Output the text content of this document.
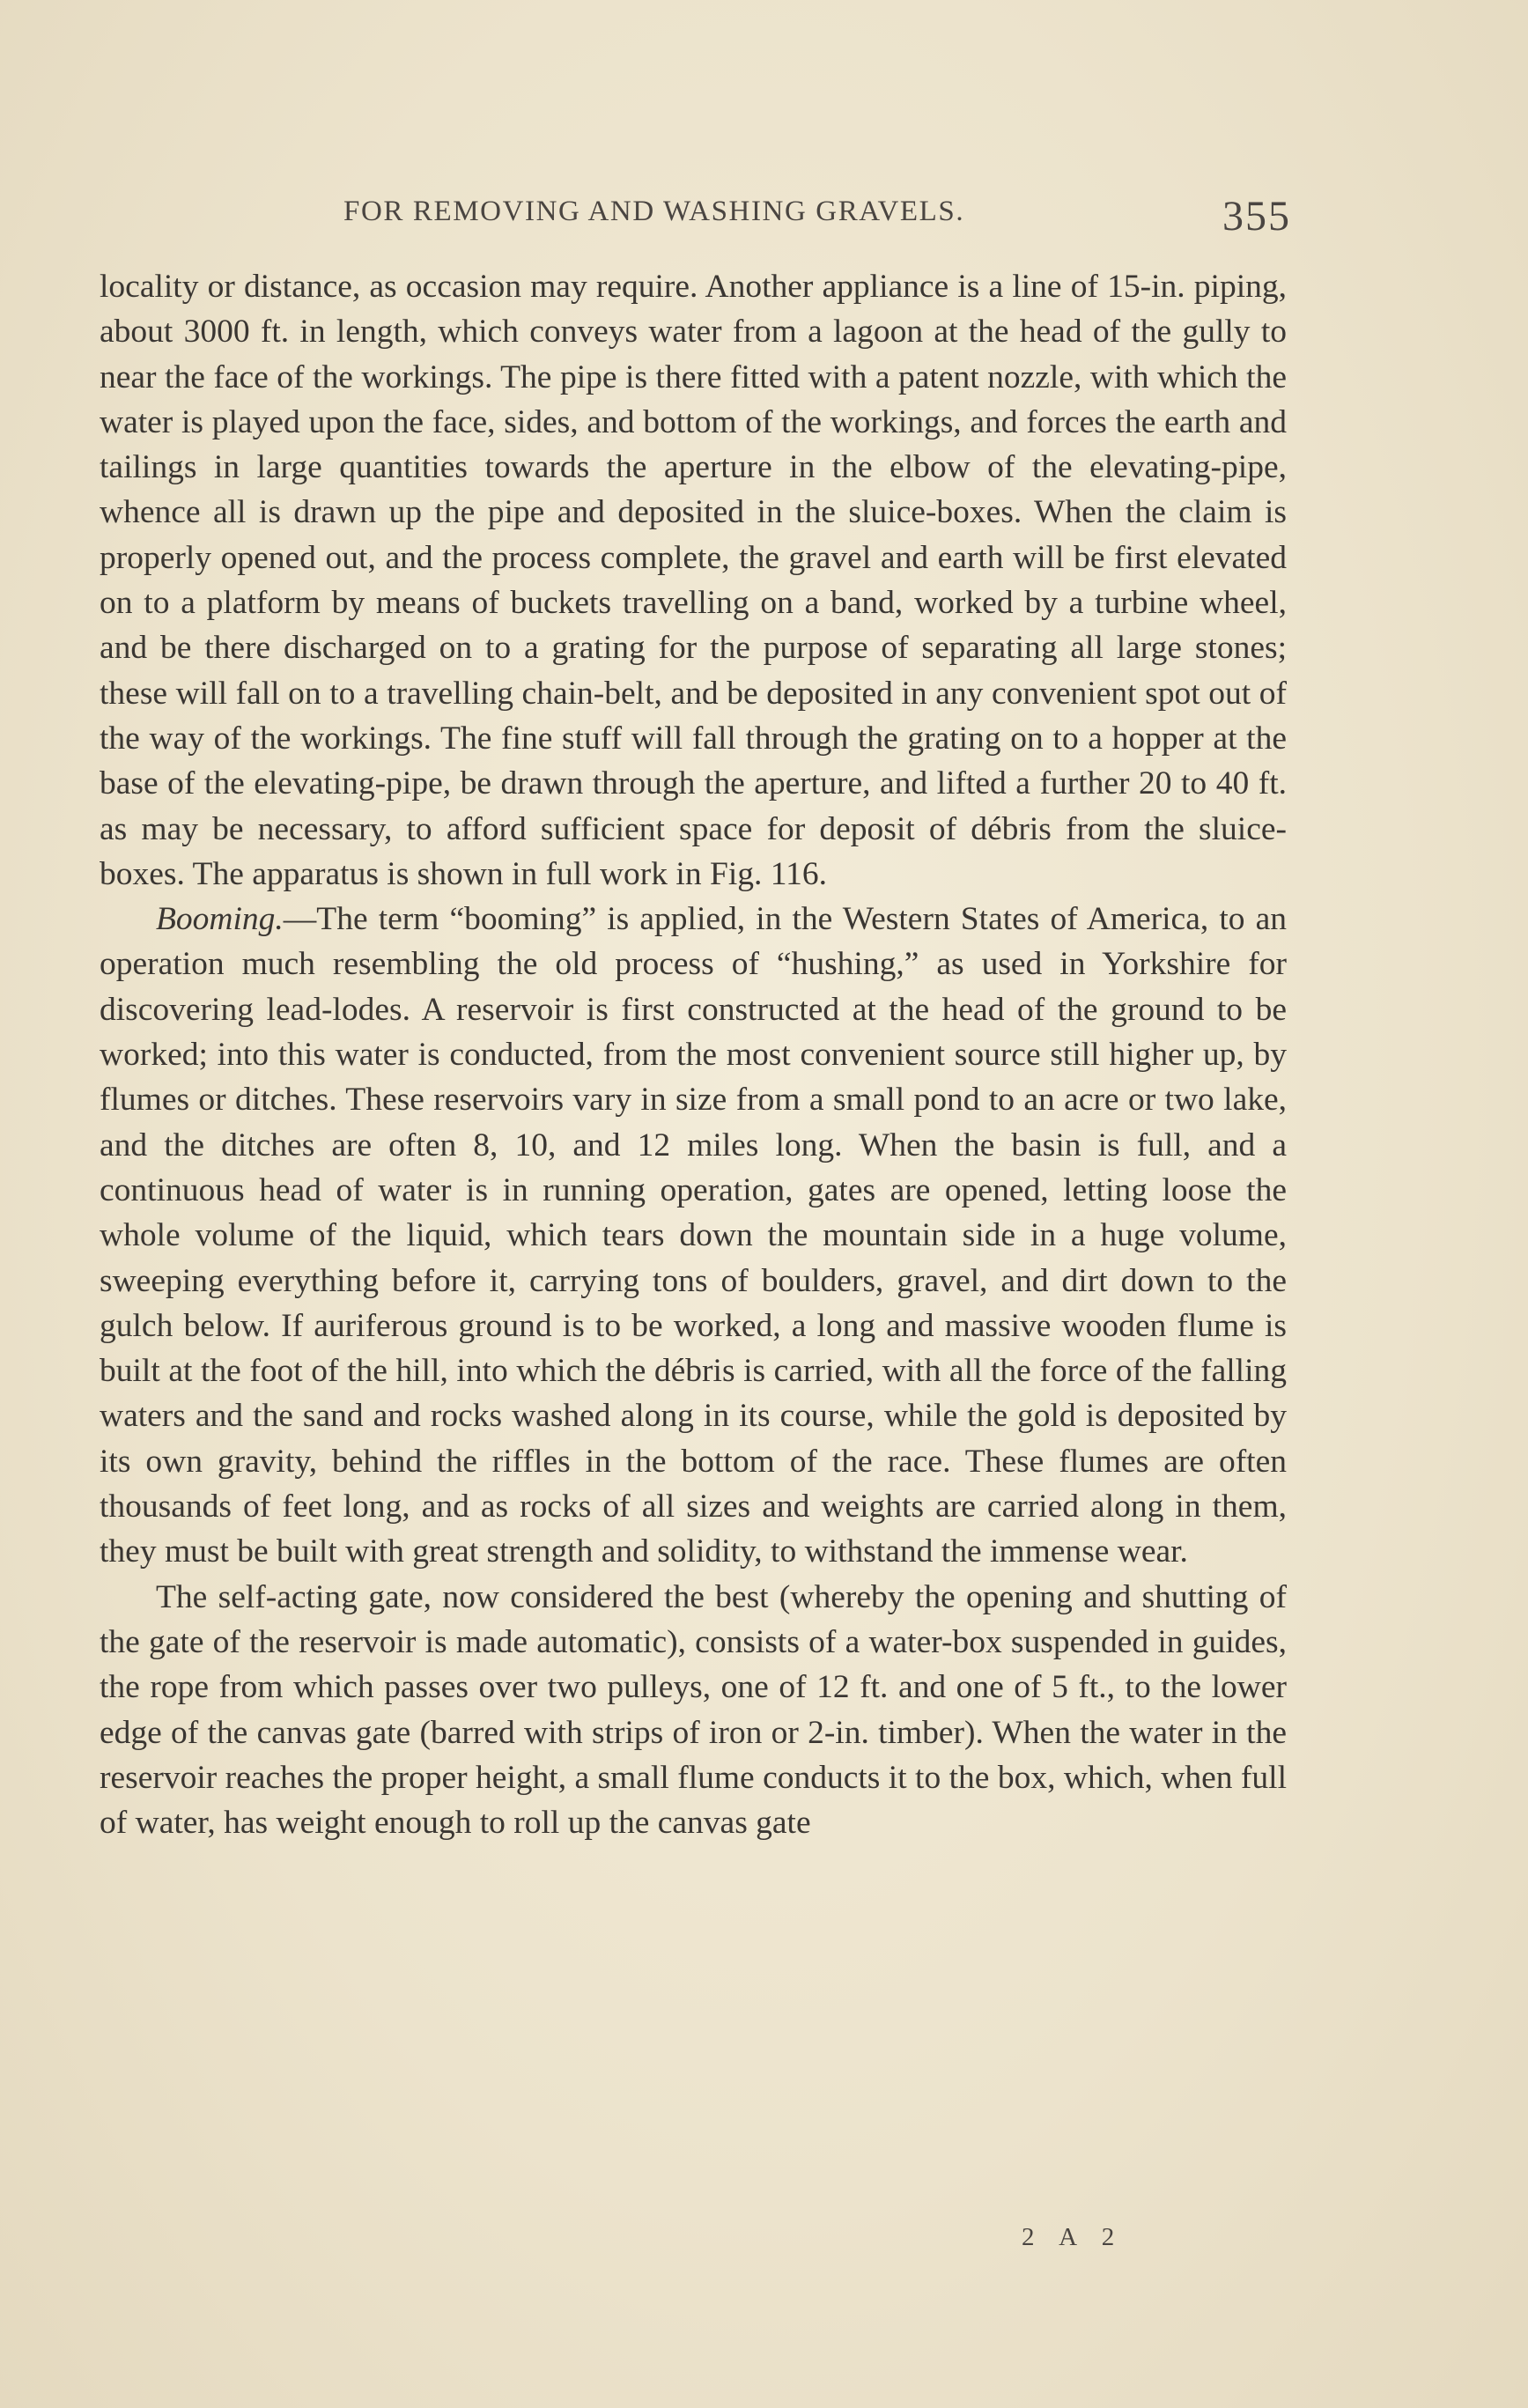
FOR REMOVING AND WASHING GRAVELS.	355

locality or distance, as occasion may require. Another appliance is a line of 15-in. piping, about 3000 ft. in length, which conveys water from a lagoon at the head of the gully to near the face of the workings. The pipe is there fitted with a patent nozzle, with which the water is played upon the face, sides, and bottom of the workings, and forces the earth and tailings in large quantities towards the aperture in the elbow of the elevating-pipe, whence all is drawn up the pipe and deposited in the sluice-boxes. When the claim is properly opened out, and the process complete, the gravel and earth will be first elevated on to a platform by means of buckets travelling on a band, worked by a turbine wheel, and be there discharged on to a grating for the purpose of separating all large stones; these will fall on to a travelling chain-belt, and be deposited in any convenient spot out of the way of the workings. The fine stuff will fall through the grating on to a hopper at the base of the elevating-pipe, be drawn through the aperture, and lifted a further 20 to 40 ft. as may be necessary, to afford sufficient space for deposit of débris from the sluice-boxes. The apparatus is shown in full work in Fig. 116.

Booming.—The term “booming” is applied, in the Western States of America, to an operation much resembling the old process of “hushing,” as used in Yorkshire for discovering lead-lodes. A reservoir is first constructed at the head of the ground to be worked; into this water is conducted, from the most convenient source still higher up, by flumes or ditches. These reservoirs vary in size from a small pond to an acre or two lake, and the ditches are often 8, 10, and 12 miles long. When the basin is full, and a continuous head of water is in running operation, gates are opened, letting loose the whole volume of the liquid, which tears down the mountain side in a huge volume, sweeping everything before it, carrying tons of boulders, gravel, and dirt down to the gulch below. If auriferous ground is to be worked, a long and massive wooden flume is built at the foot of the hill, into which the débris is carried, with all the force of the falling waters and the sand and rocks washed along in its course, while the gold is deposited by its own gravity, behind the riffles in the bottom of the race. These flumes are often thousands of feet long, and as rocks of all sizes and weights are carried along in them, they must be built with great strength and solidity, to withstand the immense wear.

The self-acting gate, now considered the best (whereby the opening and shutting of the gate of the reservoir is made automatic), consists of a water-box suspended in guides, the rope from which passes over two pulleys, one of 12 ft. and one of 5 ft., to the lower edge of the canvas gate (barred with strips of iron or 2-in. timber). When the water in the reservoir reaches the proper height, a small flume conducts it to the box, which, when full of water, has weight enough to roll up the canvas gate

2 A 2
